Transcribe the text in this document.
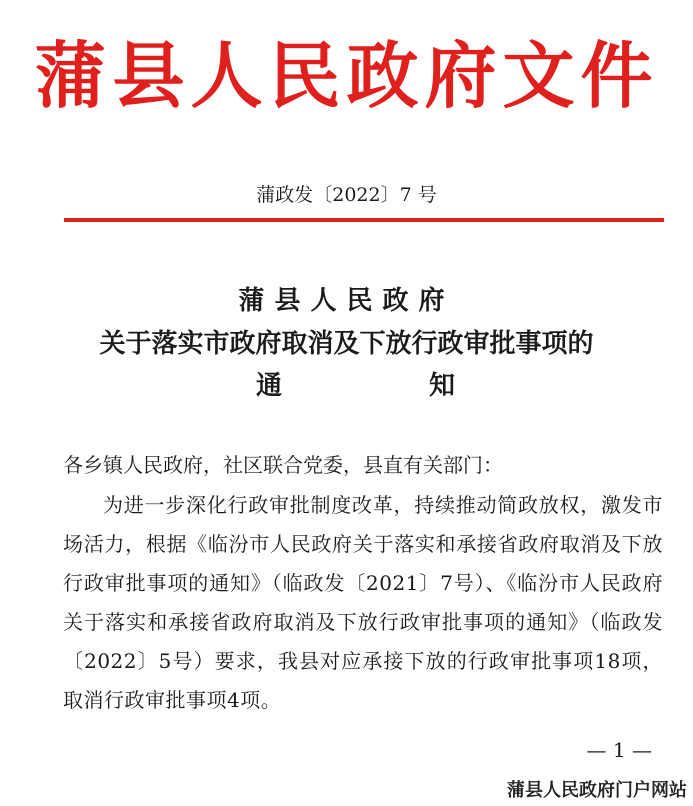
蒲县人民政府文件
蒲政发〔2022〕7 号
蒲县人民政府
关于落实市政府取消及下放行政审批事项的
通	知
各乡镇人民政府，社区联合党委，县直有关部门：
为进一步深化行政审批制度改革，持续推动简政放权，激发市场活力，根据《临汾市人民政府关于落实和承接省政府取消及下放行政审批事项的通知》（临政发〔2021〕7号）、《临汾市人民政府关于落实和承接省政府取消及下放行政审批事项的通知》（临政发〔2022〕5号）要求，我县对应承接下放的行政审批事项18项，取消行政审批事项4项。
— 1 —
蒲县人民政府门户网站
